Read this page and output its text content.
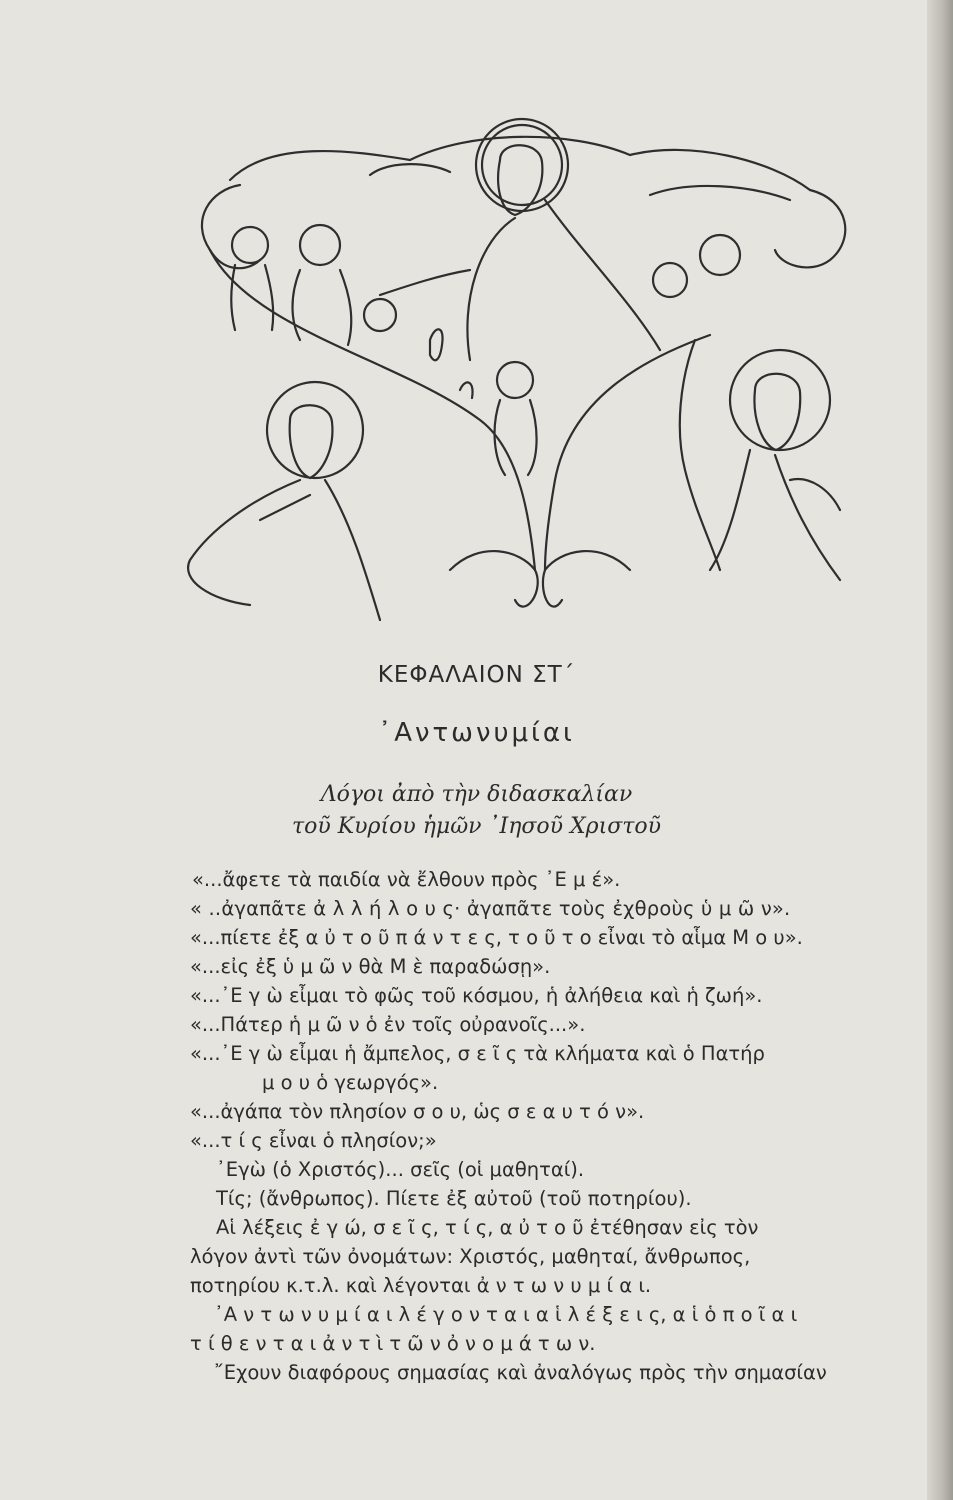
ΚΕΦΑΛΑΙΟΝ ΣΤ΄
᾿Αντωνυμίαι
Λόγοι ἀπὸ τὴν διδασκαλίαν
τοῦ Κυρίου ἡμῶν ᾿Ιησοῦ Χριστοῦ
«...ἄφετε τὰ παιδία νὰ ἔλθουν πρὸς ᾿Ε μ έ».
« ..ἀγαπᾶτε ἀ λ λ ή λ ο υ ς· ἀγαπᾶτε τοὺς ἐχθροὺς ὑ μ ῶ ν».
«...πίετε ἐξ α ὐ τ ο ῦ π ά ν τ ε ς, τ ο ῦ τ ο εἶναι τὸ αἷμα Μ ο υ».
«...εἰς ἐξ ὑ μ ῶ ν θὰ Μ ὲ παραδώσῃ».
«...᾿Ε γ ὼ εἶμαι τὸ φῶς τοῦ κόσμου, ἡ ἀλήθεια καὶ ἡ ζωή».
«...Πάτερ ἡ μ ῶ ν ὁ ἐν τοῖς οὐρανοῖς...».
«...᾿Ε γ ὼ εἶμαι ἡ ἄμπελος, σ ε ῖ ς τὰ κλήματα καὶ ὁ Πατήρ
μ ο υ ὁ γεωργός».
«...ἀγάπα τὸν πλησίον σ ο υ, ὡς σ ε α υ τ ό ν».
«...τ ί ς εἶναι ὁ πλησίον;»
᾿Εγὼ (ὁ Χριστός)... σεῖς (οἱ μαθηταί).
Τίς; (ἄνθρωπος). Πίετε ἐξ αὐτοῦ (τοῦ ποτηρίου).
Αἱ λέξεις ἐ γ ώ, σ ε ῖ ς, τ ί ς, α ὐ τ ο ῦ ἐτέθησαν εἰς τὸν
λόγον ἀντὶ τῶν ὀνομάτων: Χριστός, μαθηταί, ἄνθρωπος,
ποτηρίου κ.τ.λ. καὶ λέγονται ἀ ν τ ω ν υ μ ί α ι.
᾿Α ν τ ω ν υ μ ί α ι λ έ γ ο ν τ α ι α ἱ λ έ ξ ε ι ς, α ἱ ὁ π ο ῖ α ι
τ ί θ ε ν τ α ι ἀ ν τ ὶ τ ῶ ν ὀ ν ο μ ά τ ω ν.
῎Εχουν διαφόρους σημασίας καὶ ἀναλόγως πρὸς τὴν σημασίαν
